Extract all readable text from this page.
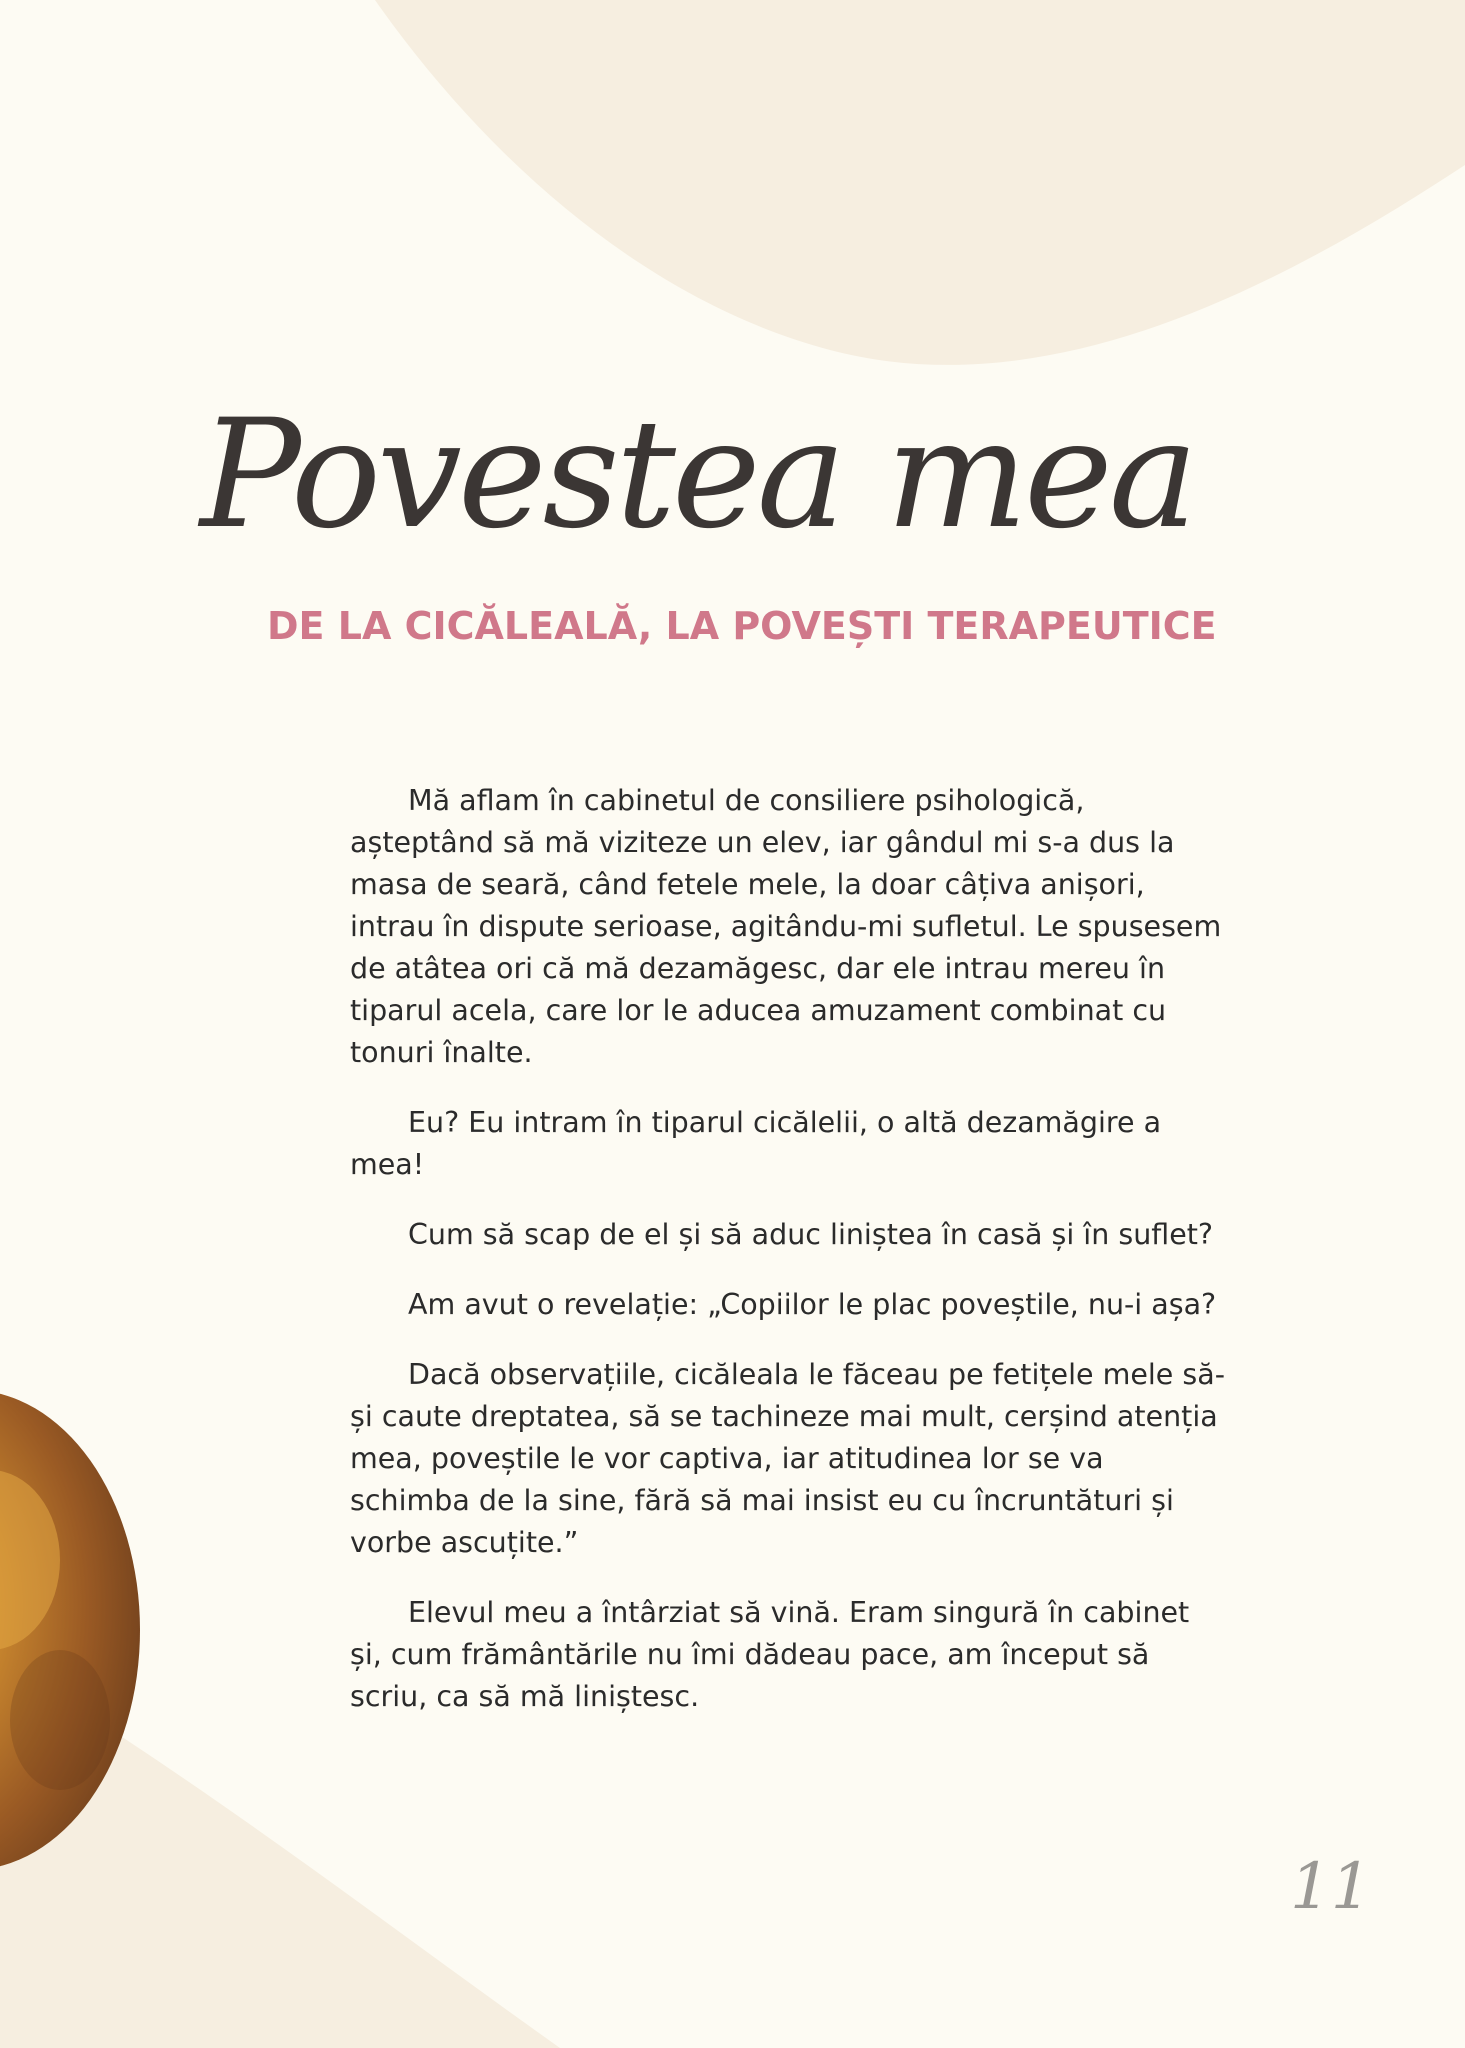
Povestea mea
DE LA CICĂLEALĂ, LA POVEȘTI TERAPEUTICE

Mă aflam în cabinetul de consiliere psihologică, așteptând să mă viziteze un elev, iar gândul mi s-a dus la masa de seară, când fetele mele, la doar câțiva anișori, intrau în dispute serioase, agitându-mi sufletul. Le spusesem de atâtea ori că mă dezamăgesc, dar ele intrau mereu în tiparul acela, care lor le aducea amuzament combinat cu tonuri înalte.

Eu? Eu intram în tiparul cicălelii, o altă dezamăgire a mea!

Cum să scap de el și să aduc liniștea în casă și în suflet?

Am avut o revelație: „Copiilor le plac poveștile, nu-i așa?

Dacă observațiile, cicăleala le făceau pe fetițele mele să-și caute dreptatea, să se tachineze mai mult, cerșind atenția mea, poveștile le vor captiva, iar atitudinea lor se va schimba de la sine, fără să mai insist eu cu încruntături și vorbe ascuțite.”

Elevul meu a întârziat să vină. Eram singură în cabinet și, cum frământările nu îmi dădeau pace, am început să scriu, ca să mă liniștesc.

11
